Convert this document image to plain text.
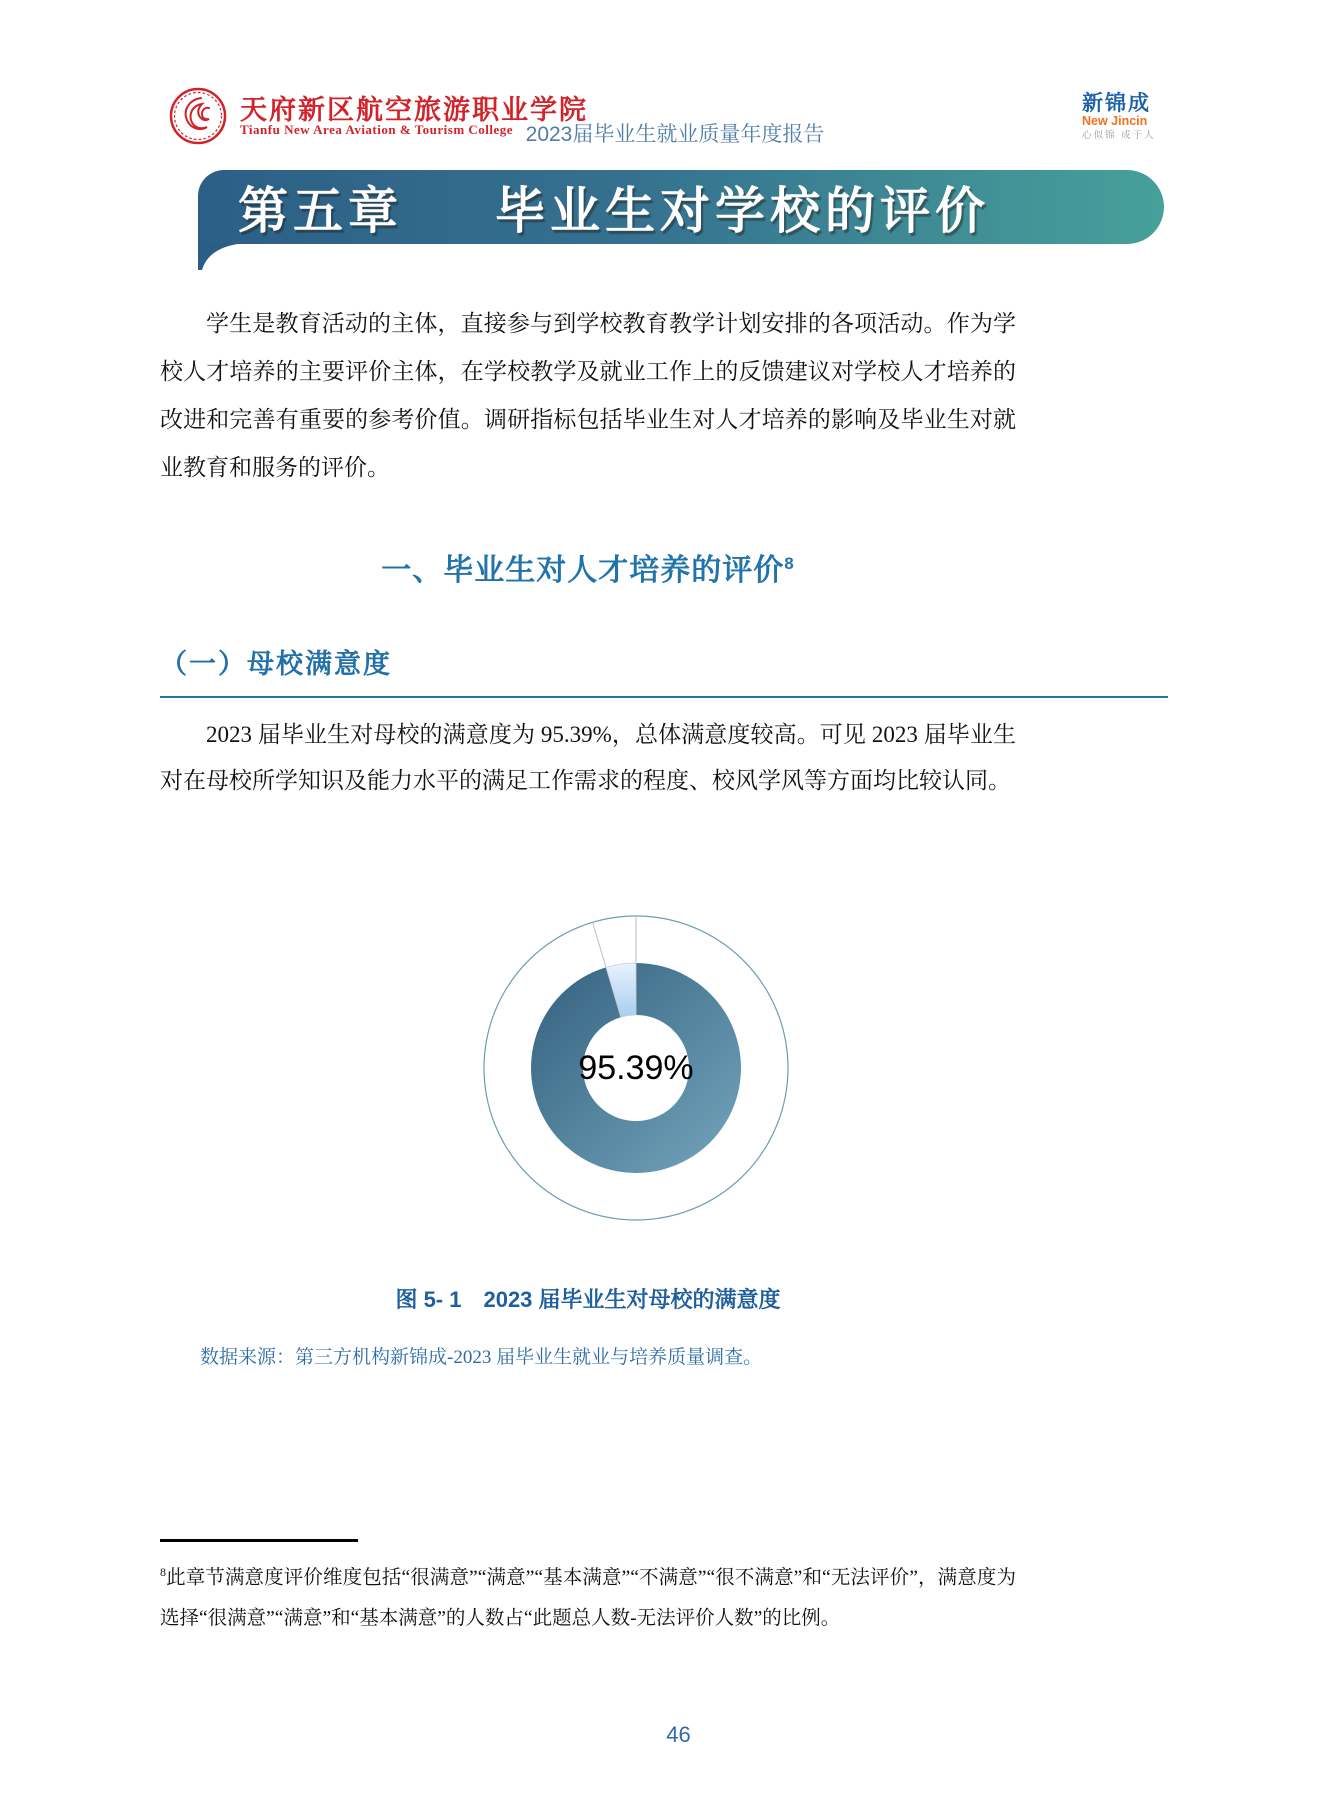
天府新区航空旅游职业学院
Tianfu New Area Aviation & Tourism College 2023届毕业生就业质量年度报告
新锦成
New Jincin
心似锦 成于人
第五章 毕业生对学校的评价
学生是教育活动的主体，直接参与到学校教育教学计划安排的各项活动。作为学校人才培养的主要评价主体，在学校教学及就业工作上的反馈建议对学校人才培养的改进和完善有重要的参考价值。调研指标包括毕业生对人才培养的影响及毕业生对就业教育和服务的评价。
一、毕业生对人才培养的评价$^8$
（一）母校满意度
2023 届毕业生对母校的满意度为 95.39%，总体满意度较高。可见 2023 届毕业生对在母校所学知识及能力水平的满足工作需求的程度、校风学风等方面均比较认同。
95.39%
图 5- 1　2023 届毕业生对母校的满意度
数据来源：第三方机构新锦成-2023 届毕业生就业与培养质量调查。
$^8$此章节满意度评价维度包括“很满意”“满意”“基本满意”“不满意”“很不满意”和“无法评价”，满意度为选择“很满意”“满意”和“基本满意”的人数占“此题总人数-无法评价人数”的比例。
46
